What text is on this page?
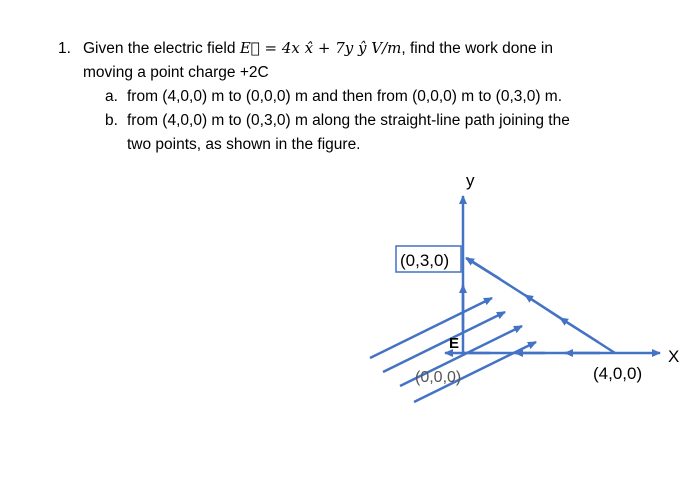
1. Given the electric field E⃗ = 4x x̂ + 7y ŷ V/m, find the work done in
moving a point charge +2C
a. from (4,0,0) m to (0,0,0) m and then from (0,0,0) m to (0,3,0) m.
b. from (4,0,0) m to (0,3,0) m along the straight-line path joining the
two points, as shown in the figure.
E
y
X
(0,3,0)
(0,0,0)	(4,0,0)
